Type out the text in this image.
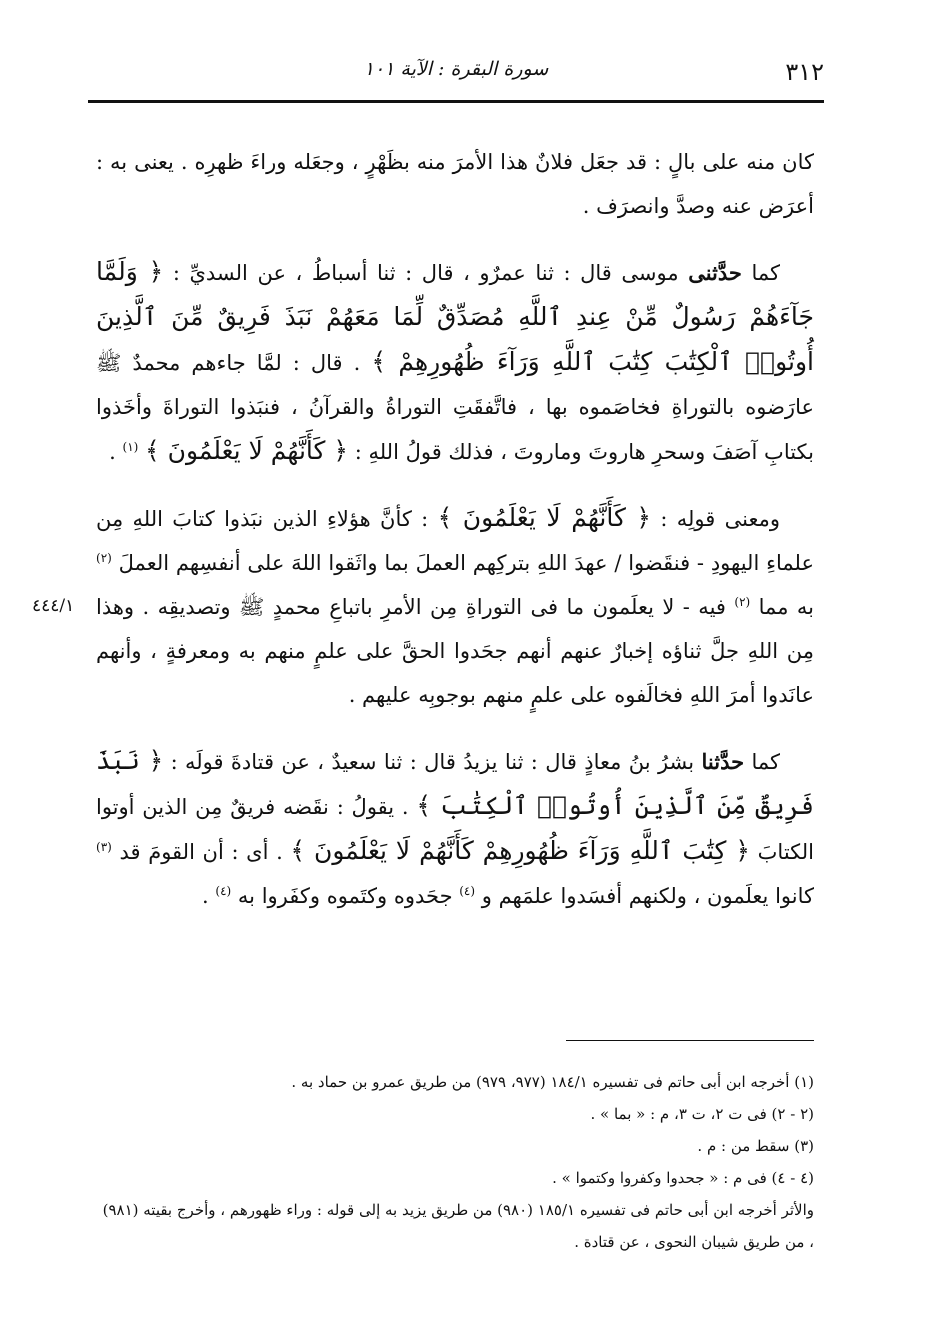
٣١٢
سورة البقرة : الآية ١٠١
٤٤٤/١

كان منه على بالٍ : قد جعَل فلانٌ هذا الأمرَ منه بظَهْرٍ ، وجعَله وراءَ ظهرِه . يعنى به : أعرَض عنه وصدَّ وانصرَف .

كما حدَّثنى موسى قال : ثنا عمرٌو ، قال : ثنا أسباطُ ، عن السديِّ : ﴿ وَلَمَّا جَآءَهُمْ رَسُولٌ مِّنْ عِندِ ٱللَّهِ مُصَدِّقٌ لِّمَا مَعَهُمْ نَبَذَ فَرِيقٌ مِّنَ ٱلَّذِينَ أُوتُوا۟ ٱلْكِتَٰبَ كِتَٰبَ ٱللَّهِ وَرَآءَ ظُهُورِهِمْ ﴾ . قال : لمَّا جاءهم محمدٌ ﷺ عارَضوه بالتوراةِ فخاصَموه بها ، فاتَّفقَتِ التوراةُ والقرآنُ ، فنبَذوا التوراةَ وأخَذوا بكتابِ آصَفَ وسحرِ هاروتَ وماروتَ ، فذلك قولُ اللهِ : ﴿ كَأَنَّهُمْ لَا يَعْلَمُونَ ﴾ $^{(١)}$ .

ومعنى قولِه : ﴿ كَأَنَّهُمْ لَا يَعْلَمُونَ ﴾ : كأنَّ هؤلاءِ الذين نبَذوا كتابَ اللهِ مِن علماءِ اليهودِ - فنقَضوا / عهدَ اللهِ بتركِهم العملَ بما واثَقوا اللهَ على أنفسِهم العملَ $^{(٢)}$ به مما $^{(٢)}$ فيه - لا يعلَمون ما فى التوراةِ مِن الأمرِ باتباعِ محمدٍ ﷺ وتصديقِه . وهذا مِن اللهِ جلَّ ثناؤه إخبارٌ عنهم أنهم جحَدوا الحقَّ على علمٍ منهم به ومعرفةٍ ، وأنهم عانَدوا أمرَ اللهِ فخالَفوه على علمٍ منهم بوجوبِه عليهم .

كما حدَّثنا بشرُ بنُ معاذٍ قال : ثنا يزيدُ قال : ثنا سعيدٌ ، عن قتادةَ قولَه : ﴿ نَبَذَ فَرِيقٌ مِّنَ ٱلَّذِينَ أُوتُوا۟ ٱلْكِتَٰبَ ﴾ . يقولُ : نقَضه فريقٌ مِن الذين أوتوا الكتابَ ﴿ كِتَٰبَ ٱللَّهِ وَرَآءَ ظُهُورِهِمْ كَأَنَّهُمْ لَا يَعْلَمُونَ ﴾ . أى : أن القومَ قد $^{(٣)}$ كانوا يعلَمون ، ولكنهم أفسَدوا علمَهم و $^{(٤)}$ جحَدوه وكتَموه وكفَروا به $^{(٤)}$ .

(١) أخرجه ابن أبى حاتم فى تفسيره ١٨٤/١ (٩٧٧، ٩٧٩) من طريق عمرو بن حماد به .

(٢ - ٢) فى ت ٢، ت ٣، م : « بما » .

(٣) سقط من : م .

(٤ - ٤) فى م : « جحدوا وكفروا وكتموا » .

والأثر أخرجه ابن أبى حاتم فى تفسيره ١٨٥/١ (٩٨٠) من طريق يزيد به إلى قوله : وراء ظهورهم ، وأخرج بقيته (٩٨١) ، من طريق شيبان النحوى ، عن قتادة .
